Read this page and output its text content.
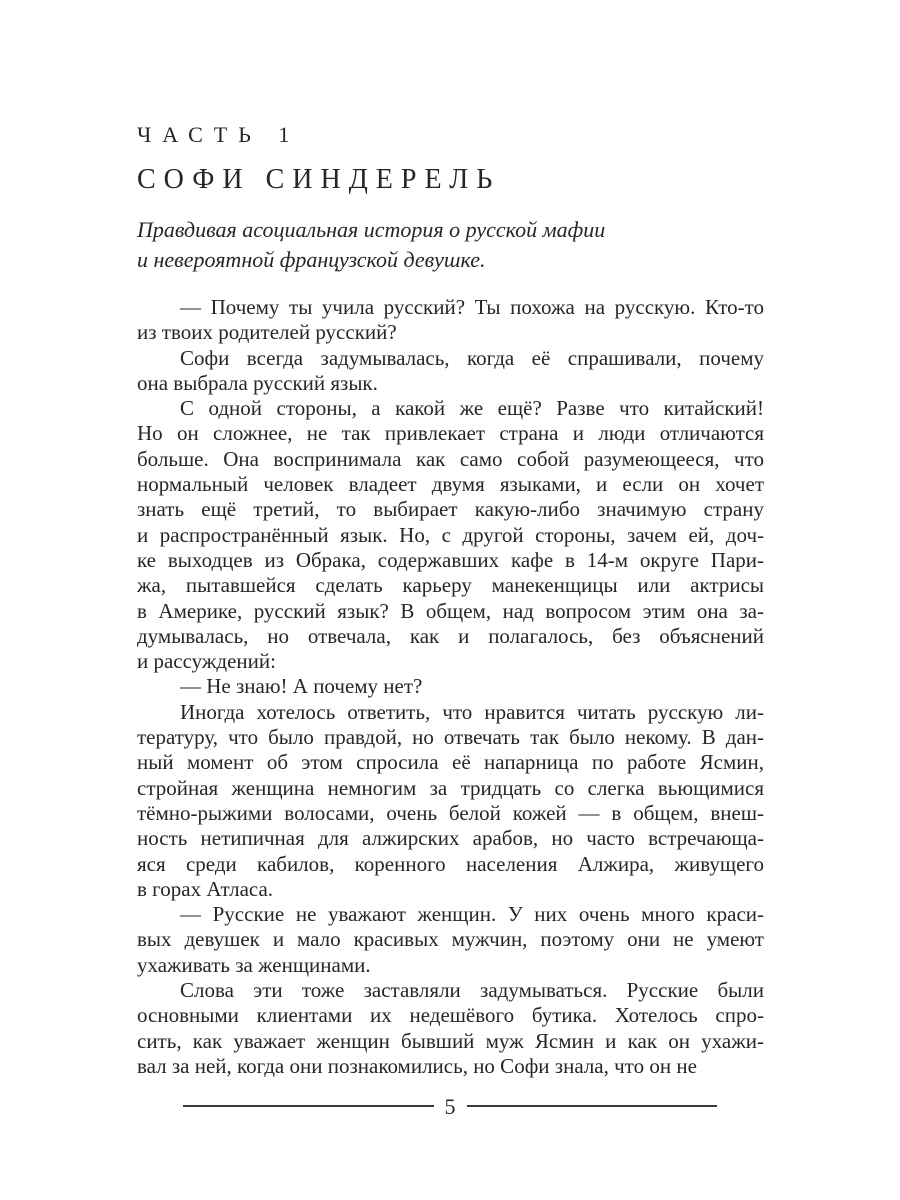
ЧАСТЬ 1
СОФИ СИНДЕРЕЛЬ
Правдивая асоциальная история о русской мафии
и невероятной французской девушке.
— Почему ты учила русский? Ты похожа на русскую. Кто-то
из твоих родителей русский?
Софи всегда задумывалась, когда её спрашивали, почему
она выбрала русский язык.
С одной стороны, а какой же ещё? Разве что китайский!
Но он сложнее, не так привлекает страна и люди отличаются
больше. Она воспринимала как само собой разумеющееся, что
нормальный человек владеет двумя языками, и если он хочет
знать ещё третий, то выбирает какую-либо значимую страну
и распространённый язык. Но, с другой стороны, зачем ей, доч-
ке выходцев из Обрака, содержавших кафе в 14-м округе Пари-
жа, пытавшейся сделать карьеру манекенщицы или актрисы
в Америке, русский язык? В общем, над вопросом этим она за-
думывалась, но отвечала, как и полагалось, без объяснений
и рассуждений:
— Не знаю! А почему нет?
Иногда хотелось ответить, что нравится читать русскую ли-
тературу, что было правдой, но отвечать так было некому. В дан-
ный момент об этом спросила её напарница по работе Ясмин,
стройная женщина немногим за тридцать со слегка вьющимися
тёмно-рыжими волосами, очень белой кожей — в общем, внеш-
ность нетипичная для алжирских арабов, но часто встречающа-
яся среди кабилов, коренного населения Алжира, живущего
в горах Атласа.
— Русские не уважают женщин. У них очень много краси-
вых девушек и мало красивых мужчин, поэтому они не умеют
ухаживать за женщинами.
Слова эти тоже заставляли задумываться. Русские были
основными клиентами их недешёвого бутика. Хотелось спро-
сить, как уважает женщин бывший муж Ясмин и как он ухажи-
вал за ней, когда они познакомились, но Софи знала, что он не
5
